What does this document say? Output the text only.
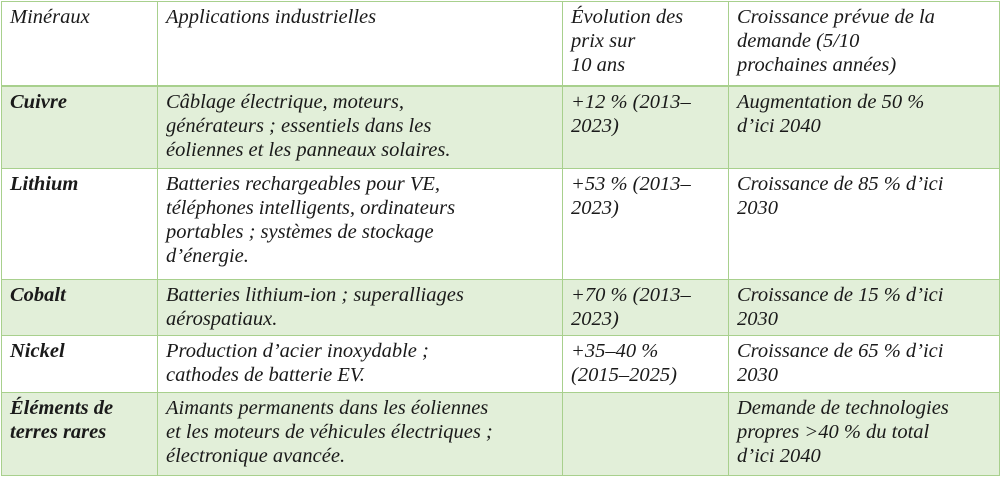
Minéraux	Applications industrielles	Évolution des
prix sur
10 ans	Croissance prévue de la
demande (5/10
prochaines années)

Cuivre	Câblage électrique, moteurs,
générateurs ; essentiels dans les
éoliennes et les panneaux solaires.	+12 % (2013–
2023)	Augmentation de 50 %
d’ici 2040

Lithium	Batteries rechargeables pour VE,
téléphones intelligents, ordinateurs
portables ; systèmes de stockage
d’énergie.	+53 % (2013–
2023)	Croissance de 85 % d’ici
2030

Cobalt	Batteries lithium-ion ; superalliages
aérospatiaux.	+70 % (2013–
2023)	Croissance de 15 % d’ici
2030

Nickel	Production d’acier inoxydable ;
cathodes de batterie EV.	+35–40 %
(2015–2025)	Croissance de 65 % d’ici
2030

Éléments de
terres rares	Aimants permanents dans les éoliennes
et les moteurs de véhicules électriques ;
électronique avancée.		Demande de technologies
propres >40 % du total
d’ici 2040
